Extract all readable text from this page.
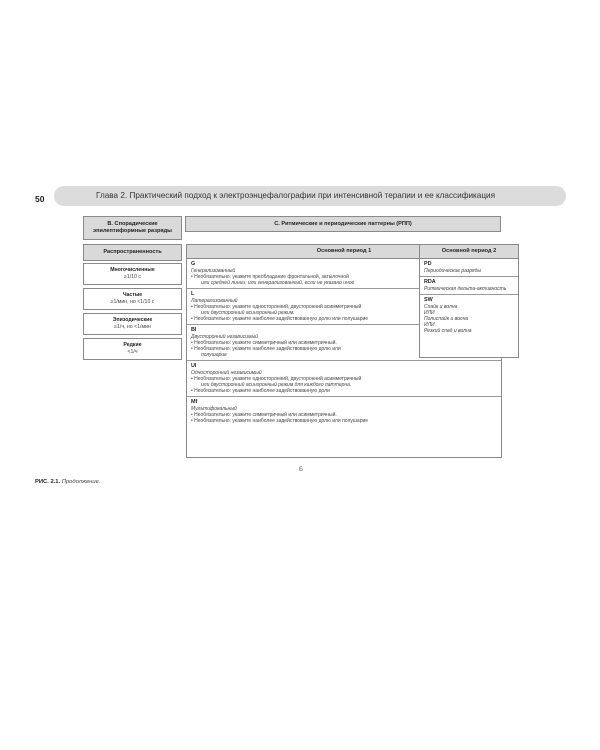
50	Глава 2. Практический подход к электроэнцефалографии при интенсивной терапии и ее классификация
B. Спорадические эпилептиформные разряды
C. Ритмические и периодические паттерны (РПП)
Распространенность
Многочисленные
≥1/10 с
Частые
≥1/мин, но <1/10 с
Эпизодические
≥1/ч, но <1/мин
Редкие
<1/ч
Основной период 1
G
Генерализованный
• Необязательно: укажите преобладание фронтальной, затылочной
или средней линии; или генерализованный, если не указано иное
L
Латерализованный
• Необязательно: укажите односторонний, двусторонний асимметричный
или двусторонний асинхронный режим.
• Необязательно: укажите наиболее задействованную долю или полушарие
BI
Двусторонний независимый
• Необязательно: укажите симметричный или асимметричный.
• Необязательно: укажите наиболее задействованную долю или
полушарие
UI
Односторонний независимый
• Необязательно: укажите односторонний, двусторонний асимметричный
или двусторонний асинхронный режим для каждого паттерна.
• Необязательно: укажите наиболее задействованную доли
Mf
Мультифокальный
• Необязательно: укажите симметричный или асимметричный.
• Необязательно: укажите наиболее задействованную долю или полушарие
Основной период 2
PD
Периодические разряды
RDA
Ритмическая дельта-активность
SW
Спайк и волна
ИЛИ
Полиспайк и волна
ИЛИ
Резкий спад и волна
Б
РИС. 2.1. Продолжение.
